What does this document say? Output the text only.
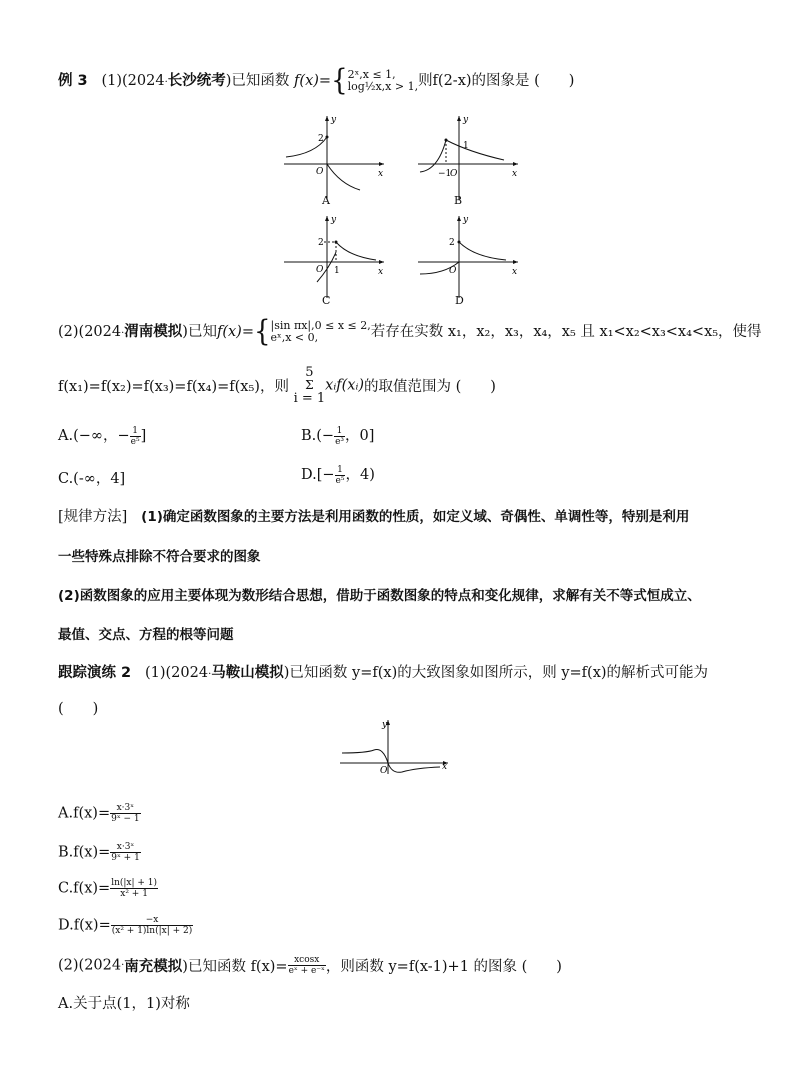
例 3 (1)(2024·长沙统考)已知函数 f(x)={ 2ˣ,x ≤ 1,
log½x,x > 1, 则f(2-x)的图象是 (　　)
2
O	x
y
A
1
−1
O	x
y
B
2
1
O	x
y
C
2
O	x
y
D
(2)(2024·渭南模拟)已知f(x)={ |sin πx|,0 ≤ x ≤ 2,
eˣ,x < 0,	若存在实数 x₁，x₂，x₃，x₄，x₅ 且 x₁<x₂<x₃<x₄<x₅，使得
f(x₁)=f(x₂)=f(x₃)=f(x₄)=f(x₅)，则
5
Σ
i = 1
xᵢf(xᵢ)的取值范围为 (　　)
A.(−∞，− $\frac{1}{\text{e⁵}}$ ]	$B.(- \frac{1}{\text{e³}}$ ，0]
C.(-∞，4]	$D.[- \frac{1}{\text{e⁵}}$ ，4)
[规律方法] (1)确定函数图象的主要方法是利用函数的性质，如定义域、奇偶性、单调性等，特别是利用
一些特殊点排除不符合要求的图象
(2)函数图象的应用主要体现为数形结合思想，借助于函数图象的特点和变化规律，求解有关不等式恒成立、
最值、交点、方程的根等问题
跟踪演练 2 (1)(2024·马鞍山模拟)已知函数 y=f(x)的大致图象如图所示，则 y=f(x)的解析式可能为
(　　)
O	x
y
$A.f(x)= \frac{\text{x·3ˣ}}{\text{9ˣ − 1}}$
$B.f(x)= \frac{\text{x·3ˣ}}{\text{9ˣ + 1}}$
$C.f(x)= \frac{\ln(|x| + 1)}{\text{x² + 1}}$
$D.f(x)= \frac{-x}{\text{(x² + 1)ln(|x| + 2)}}$
(2)(2024·南充模拟)已知函数 $f(x)= \frac{xcosx}{\text{eˣ + e⁻ˣ}}$ ，则函数 y=f(x-1)+1 的图象 (　　)
A.关于点(1，1)对称
